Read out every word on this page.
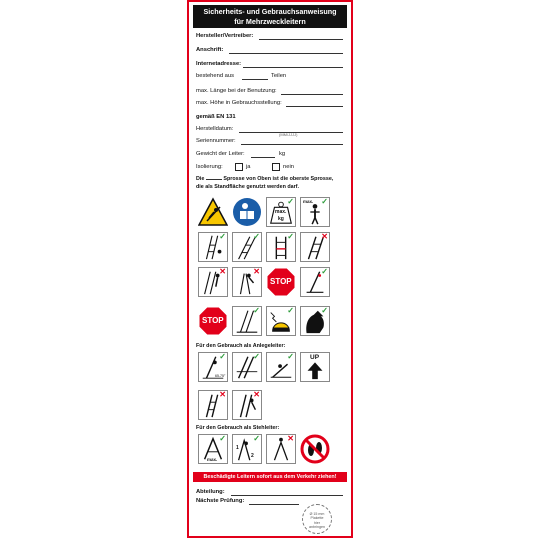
Sicherheits- und Gebrauchsanweisung
für Mehrzweckleitern
Hersteller/Vertreiber:
Anschrift:
Internetadresse:
bestehend aus	Teilen
max. Länge bei der Benutzung:
max. Höhe in Gebrauchsstellung:
gemäß EN 131
Herstelldatum:
(MM/JJJJ)
Seriennummer:
Gewicht der Leiter:	kg
Isolierung:	ja	nein
Die	Sprosse von Oben ist die oberste Sprosse,
die als Standfläche genutzt werden darf.
max.
kg
✓ max. ✓
✓	✓	✓	✕
✕	✕
STOP
✓
STOP
✓	✓	✓
Für den Gebrauch als Anlegeleiter:
65-75°
✓	✓	✓ UP
✕	✕
Für den Gebrauch als Stehleiter:
max.
✓
1
2
✓	✕
Beschädigte Leitern sofort aus dem Verkehr ziehen!
Abteilung:
Nächste Prüfung:
Ø 15 mm
Plakette
hier
anbringen
